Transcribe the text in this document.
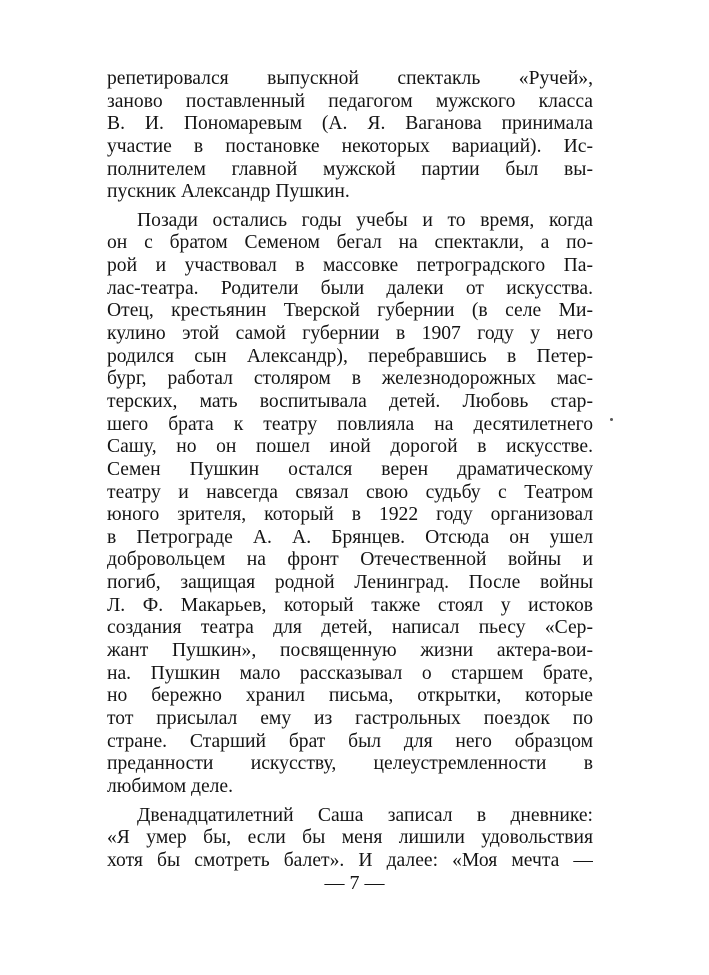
репетировался выпускной спектакль «Ручей»,
заново поставленный педагогом мужского класса
В. И. Пономаревым (А. Я. Ваганова принимала
участие в постановке некоторых вариаций). Ис-
полнителем главной мужской партии был вы-
пускник Александр Пушкин.
Позади остались годы учебы и то время, когда
он с братом Семеном бегал на спектакли, а по-
рой и участвовал в массовке петроградского Па-
лас-театра. Родители были далеки от искусства.
Отец, крестьянин Тверской губернии (в селе Ми-
кулино этой самой губернии в 1907 году у него
родился сын Александр), перебравшись в Петер-
бург, работал столяром в железнодорожных мас-
терских, мать воспитывала детей. Любовь стар-
шего брата к театру повлияла на десятилетнего
Сашу, но он пошел иной дорогой в искусстве.
Семен Пушкин остался верен драматическому
театру и навсегда связал свою судьбу с Театром
юного зрителя, который в 1922 году организовал
в Петрограде А. А. Брянцев. Отсюда он ушел
добровольцем на фронт Отечественной войны и
погиб, защищая родной Ленинград. После войны
Л. Ф. Макарьев, который также стоял у истоков
создания театра для детей, написал пьесу «Сер-
жант Пушкин», посвященную жизни актера-вои-
на. Пушкин мало рассказывал о старшем брате,
но бережно хранил письма, открытки, которые
тот присылал ему из гастрольных поездок по
стране. Старший брат был для него образцом
преданности искусству, целеустремленности в
любимом деле.
Двенадцатилетний Саша записал в дневнике:
«Я умер бы, если бы меня лишили удовольствия
хотя бы смотреть балет». И далее: «Моя мечта —
— 7 —
